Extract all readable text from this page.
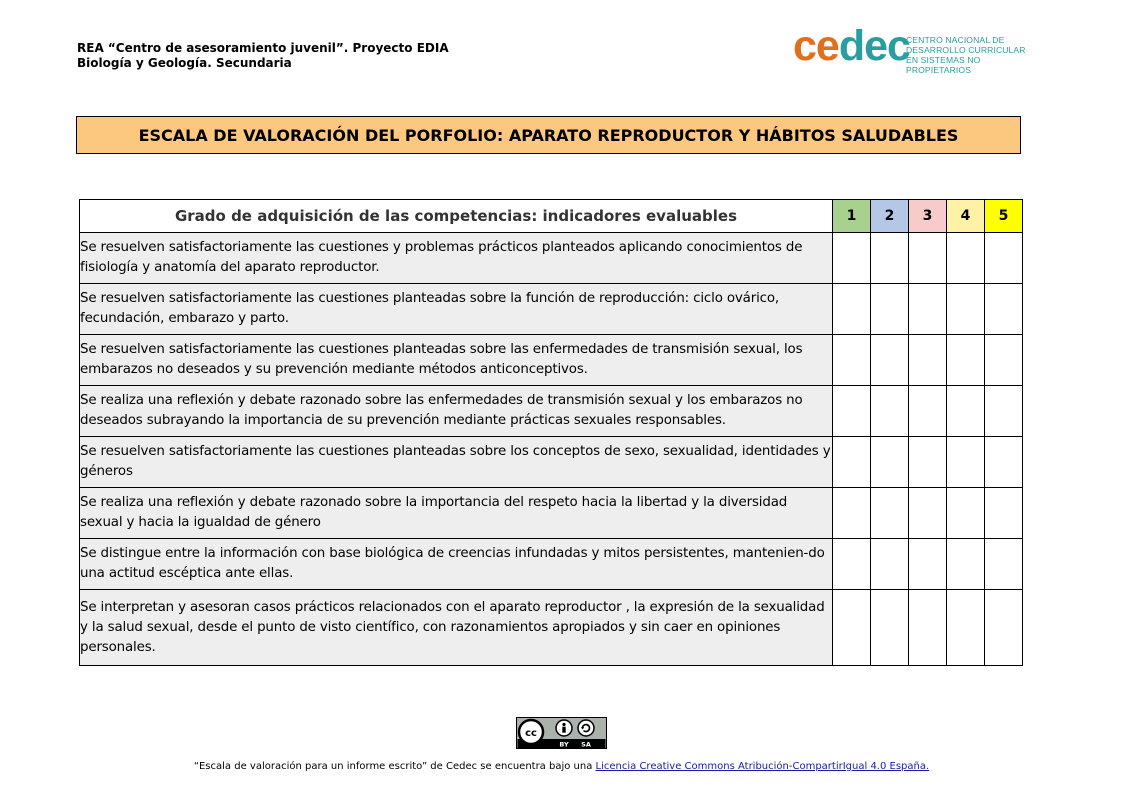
REA “Centro de asesoramiento juvenil”. Proyecto EDIA
Biología y Geología. Secundaria	cedec
CENTRO NACIONAL DE
DESARROLLO CURRICULAR
EN SISTEMAS NO PROPIETARIOS
ESCALA DE VALORACIÓN DEL PORFOLIO: APARATO REPRODUCTOR Y HÁBITOS SALUDABLES
Grado de adquisición de las competencias: indicadores evaluables	1	2	3	4	5
Se resuelven satisfactoriamente las cuestiones y problemas prácticos planteados aplicando conocimientos de fisiología y anatomía del aparato reproductor.					
Se resuelven satisfactoriamente las cuestiones planteadas sobre la función de reproducción: ciclo ovárico, fecundación, embarazo y parto.					
Se resuelven satisfactoriamente las cuestiones planteadas sobre las enfermedades de transmisión sexual, los embarazos no deseados y su prevención mediante métodos anticonceptivos.					
Se realiza una reflexión y debate razonado sobre las enfermedades de transmisión sexual y los embarazos no deseados subrayando la importancia de su prevención mediante prácticas sexuales responsables.					
Se resuelven satisfactoriamente las cuestiones planteadas sobre los conceptos de sexo, sexualidad, identidades y géneros					
Se realiza una reflexión y debate razonado sobre la importancia del respeto hacia la libertad y la diversidad sexual y hacia la igualdad de género					
Se distingue entre la información con base biológica de creencias infundadas y mitos persistentes, mantenien-do una actitud escéptica ante ellas.					
Se interpretan y asesoran casos prácticos relacionados con el aparato reproductor , la expresión de la sexualidad y la salud sexual, desde el punto de visto científico, con razonamientos apropiados y sin caer en opiniones personales.					
cc
BY SA
“Escala de valoración para un informe escrito” de Cedec se encuentra bajo una Licencia Creative Commons Atribución-CompartirIgual 4.0 España.
